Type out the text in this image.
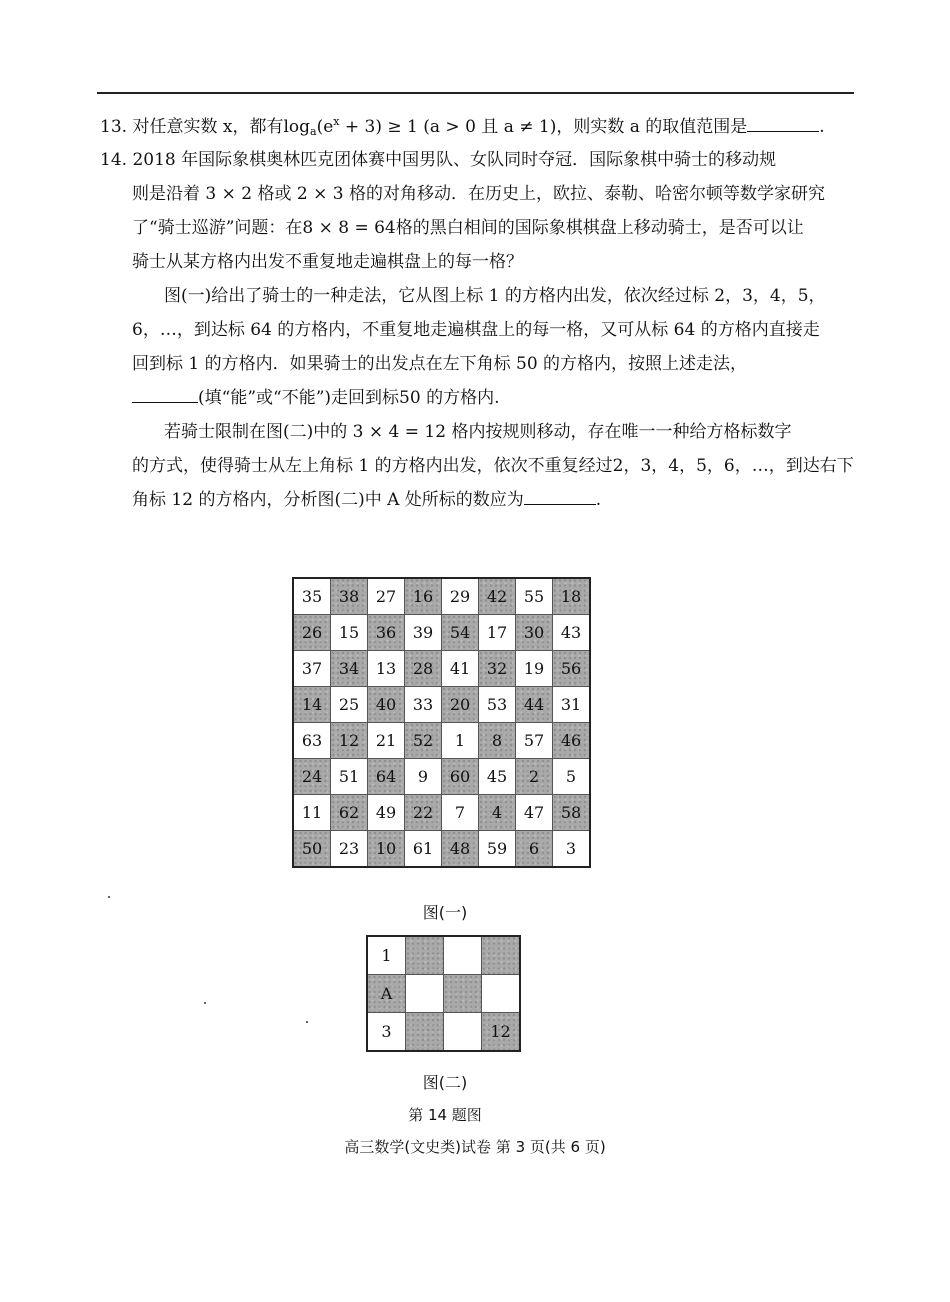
13. 对任意实数 x，都有$\log_a(e^x + 3) \ge 1$ (a > 0 且 a ≠ 1)，则实数 a 的取值范围是	.
14. 2018 年国际象棋奥林匹克团体赛中国男队、女队同时夺冠．国际象棋中骑士的移动规
则是沿着 3 × 2 格或 2 × 3 格的对角移动．在历史上，欧拉、泰勒、哈密尔顿等数学家研究
了“骑士巡游”问题：在8 × 8 = 64格的黑白相间的国际象棋棋盘上移动骑士，是否可以让
骑士从某方格内出发不重复地走遍棋盘上的每一格？
图(一)给出了骑士的一种走法，它从图上标 1 的方格内出发，依次经过标 2，3，4，5，
6，…，到达标 64 的方格内，不重复地走遍棋盘上的每一格，又可从标 64 的方格内直接走
回到标 1 的方格内．如果骑士的出发点在左下角标 50 的方格内，按照上述走法，
(填“能”或“不能”)走回到标50 的方格内.
若骑士限制在图(二)中的 3 × 4 = 12 格内按规则移动，存在唯一一种给方格标数字
的方式，使得骑士从左上角标 1 的方格内出发，依次不重复经过2，3，4，5，6，…，到达右下
角标 12 的方格内，分析图(二)中 A 处所标的数应为	.
35	38	27	16	29	42	55	18
26	15	36	39	54	17	30	43
37	34	13	28	41	32	19	56
14	25	40	33	20	53	44	31
63	12	21	52	1	8	57	46
24	51	64	9	60	45	2	5
11	62	49	22	7	4	47	58
50	23	10	61	48	59	6	3
图(一)
1			
A			
3			12
图(二)
第 14 题图
高三数学(文史类)试卷 第 3 页(共 6 页)
